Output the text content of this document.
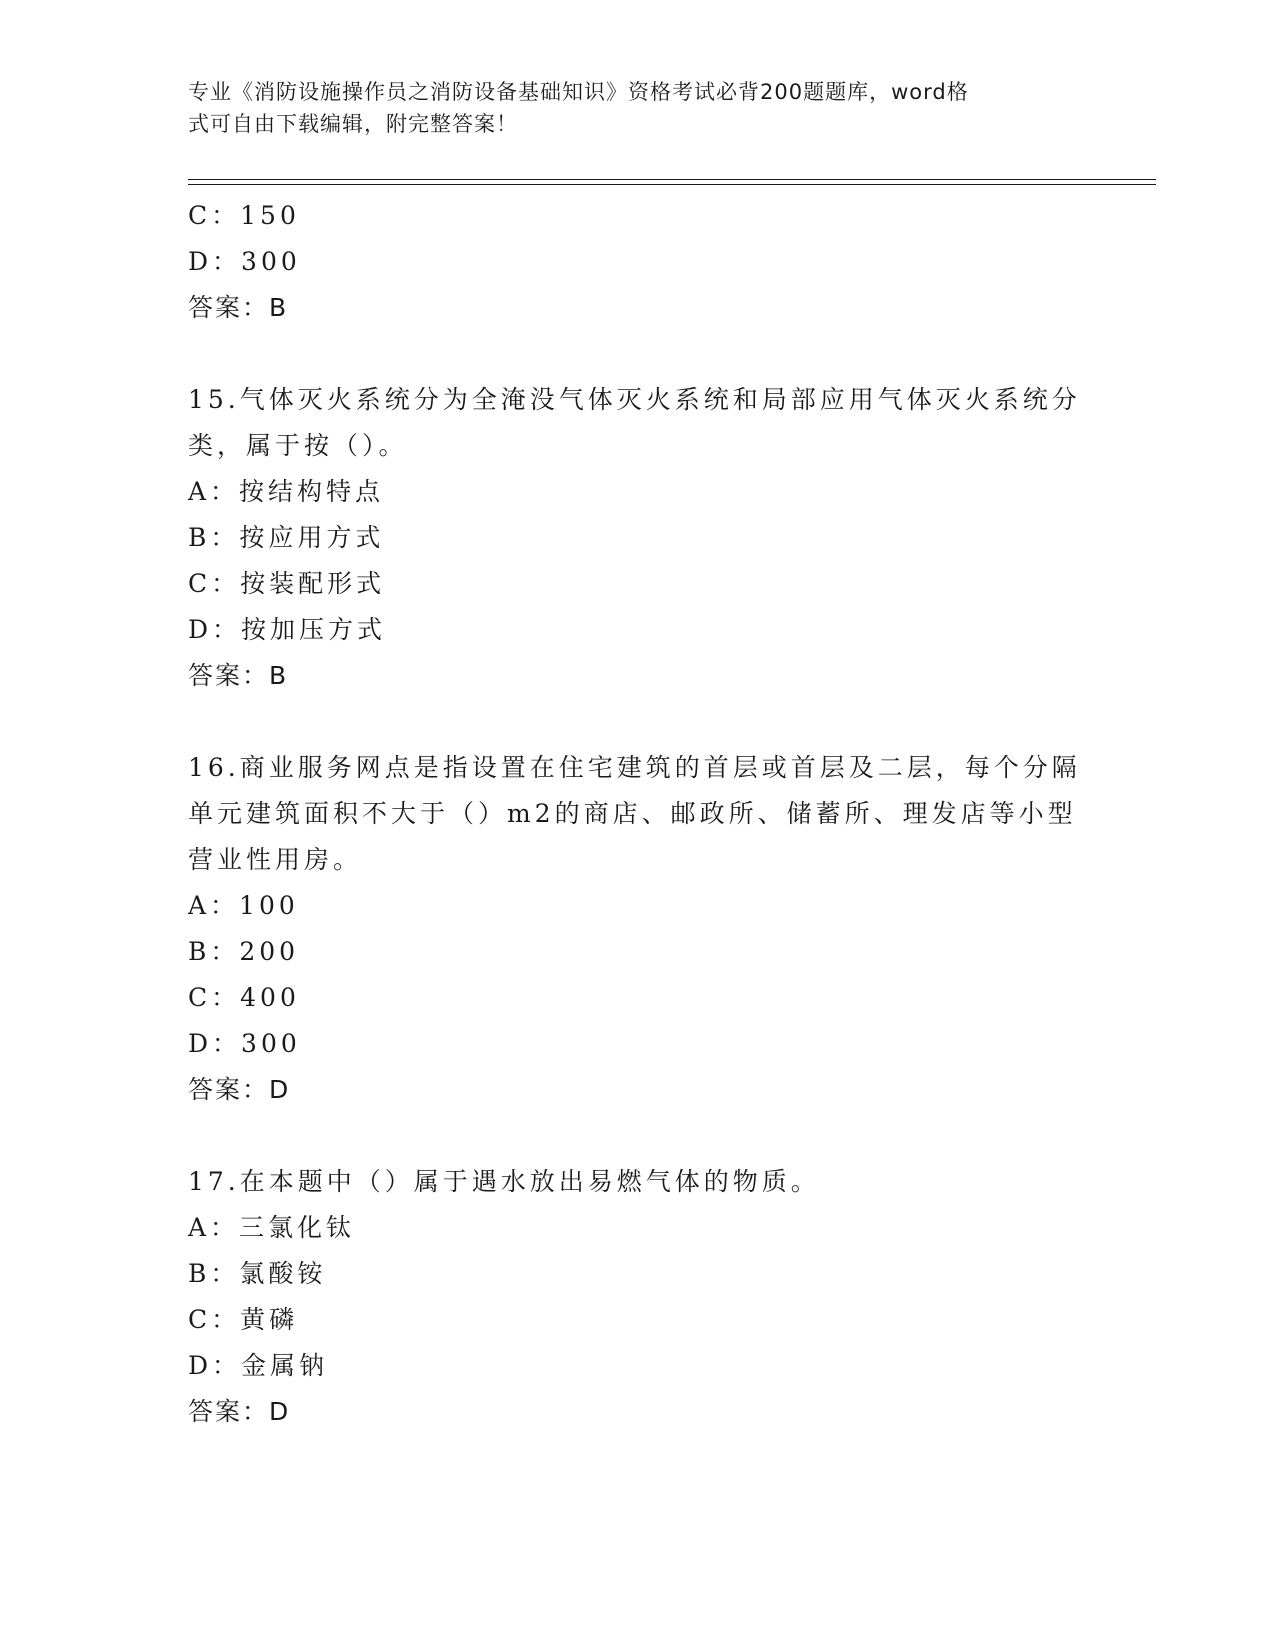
专业《消防设施操作员之消防设备基础知识》资格考试必背200题题库，word格
式可自由下载编辑，附完整答案！
C：150
D：300
答案：B
15.气体灭火系统分为全淹没气体灭火系统和局部应用气体灭火系统分
类，属于按（）。
A：按结构特点
B：按应用方式
C：按装配形式
D：按加压方式
答案：B
16.商业服务网点是指设置在住宅建筑的首层或首层及二层，每个分隔
单元建筑面积不大于（）m2的商店、邮政所、储蓄所、理发店等小型
营业性用房。
A：100
B：200
C：400
D：300
答案：D
17.在本题中（）属于遇水放出易燃气体的物质。
A：三氯化钛
B：氯酸铵
C：黄磷
D：金属钠
答案：D
